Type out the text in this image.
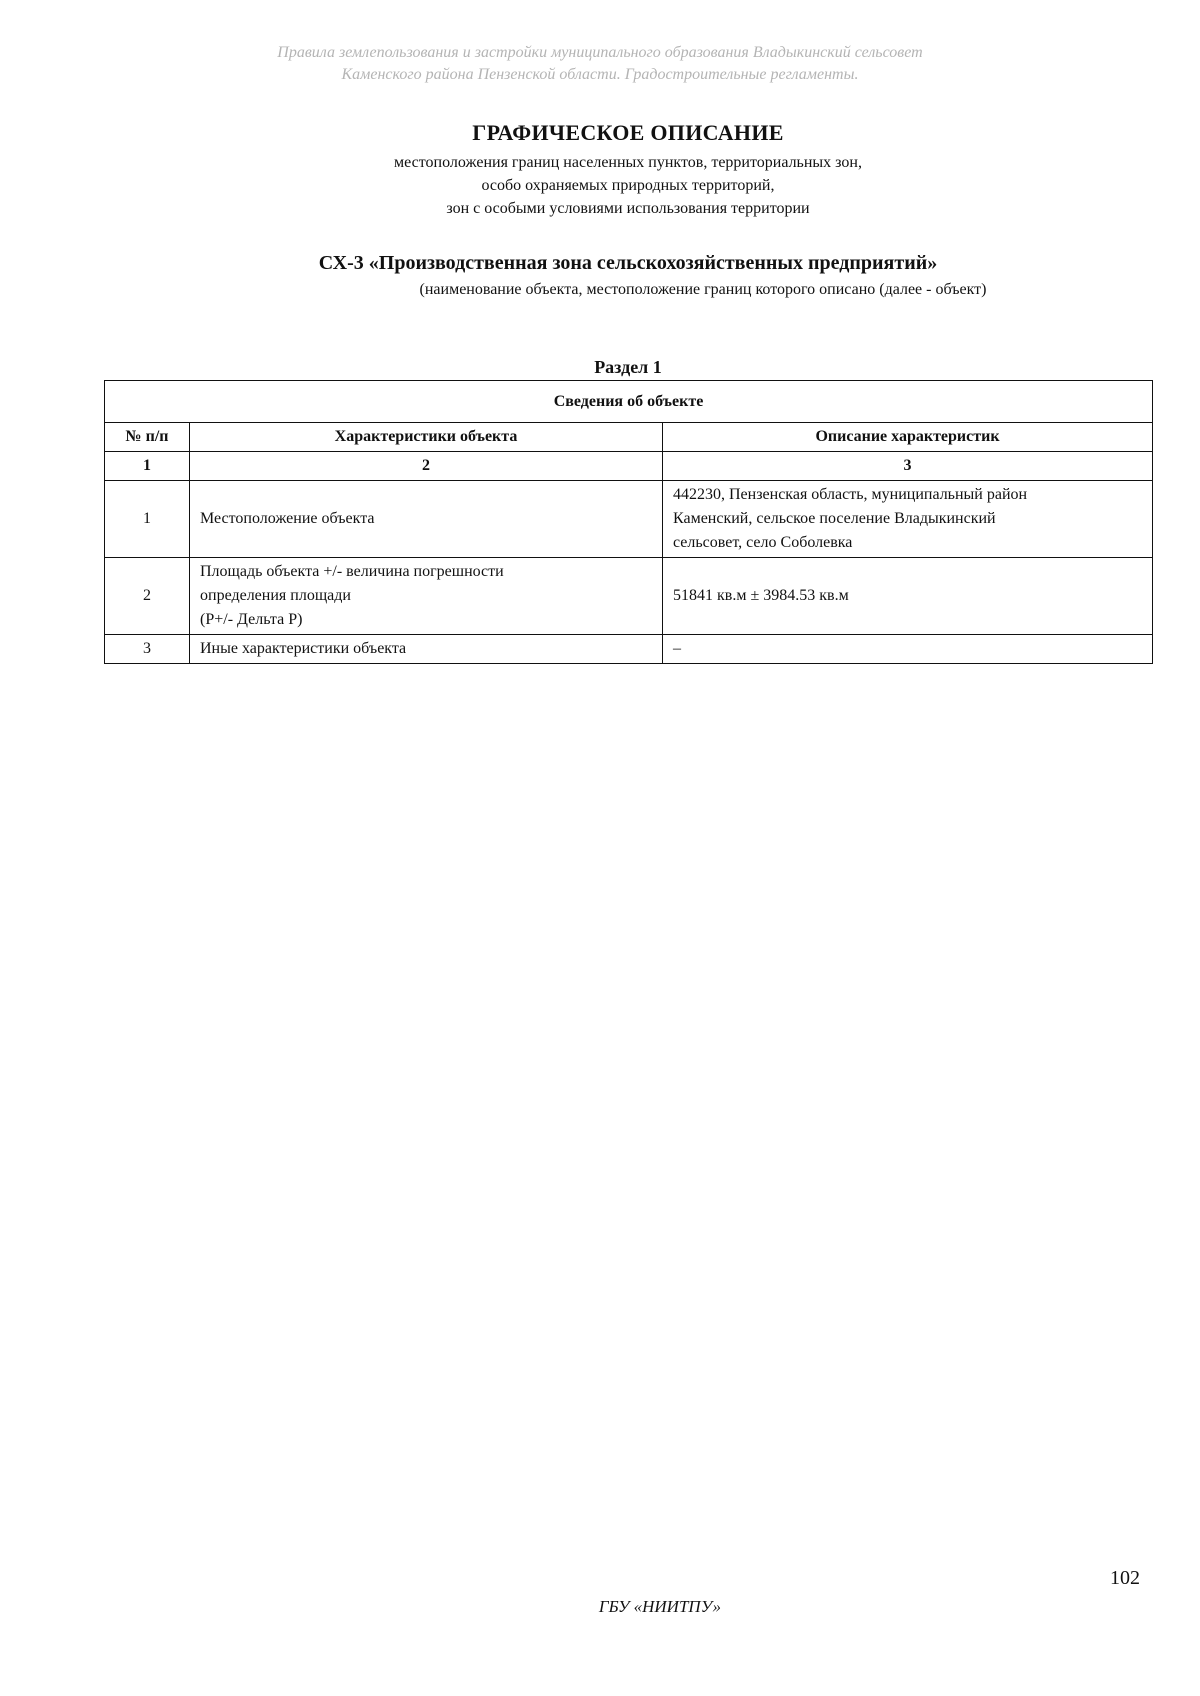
Правила землепользования и застройки муниципального образования Владыкинский сельсовет
Каменского района Пензенской области. Градостроительные регламенты.
ГРАФИЧЕСКОЕ ОПИСАНИЕ
местоположения границ населенных пунктов, территориальных зон,
особо охраняемых природных территорий,
зон с особыми условиями использования территории
СХ-3 «Производственная зона сельскохозяйственных предприятий»
(наименование объекта, местоположение границ которого описано (далее - объект)
Раздел 1
Сведения об объекте		
№ п/п	Характеристики объекта	Описание характеристик
1	2	3
1	Местоположение объекта	442230, Пензенская область, муниципальный район
Каменский, сельское поселение Владыкинский
сельсовет, село Соболевка

2	Площадь объекта +/- величина погрешности
определения площади
(P+/- Дельта P)	51841 кв.м ± 3984.53 кв.м

3	Иные характеристики объекта	–
102
ГБУ «НИИТПУ»
